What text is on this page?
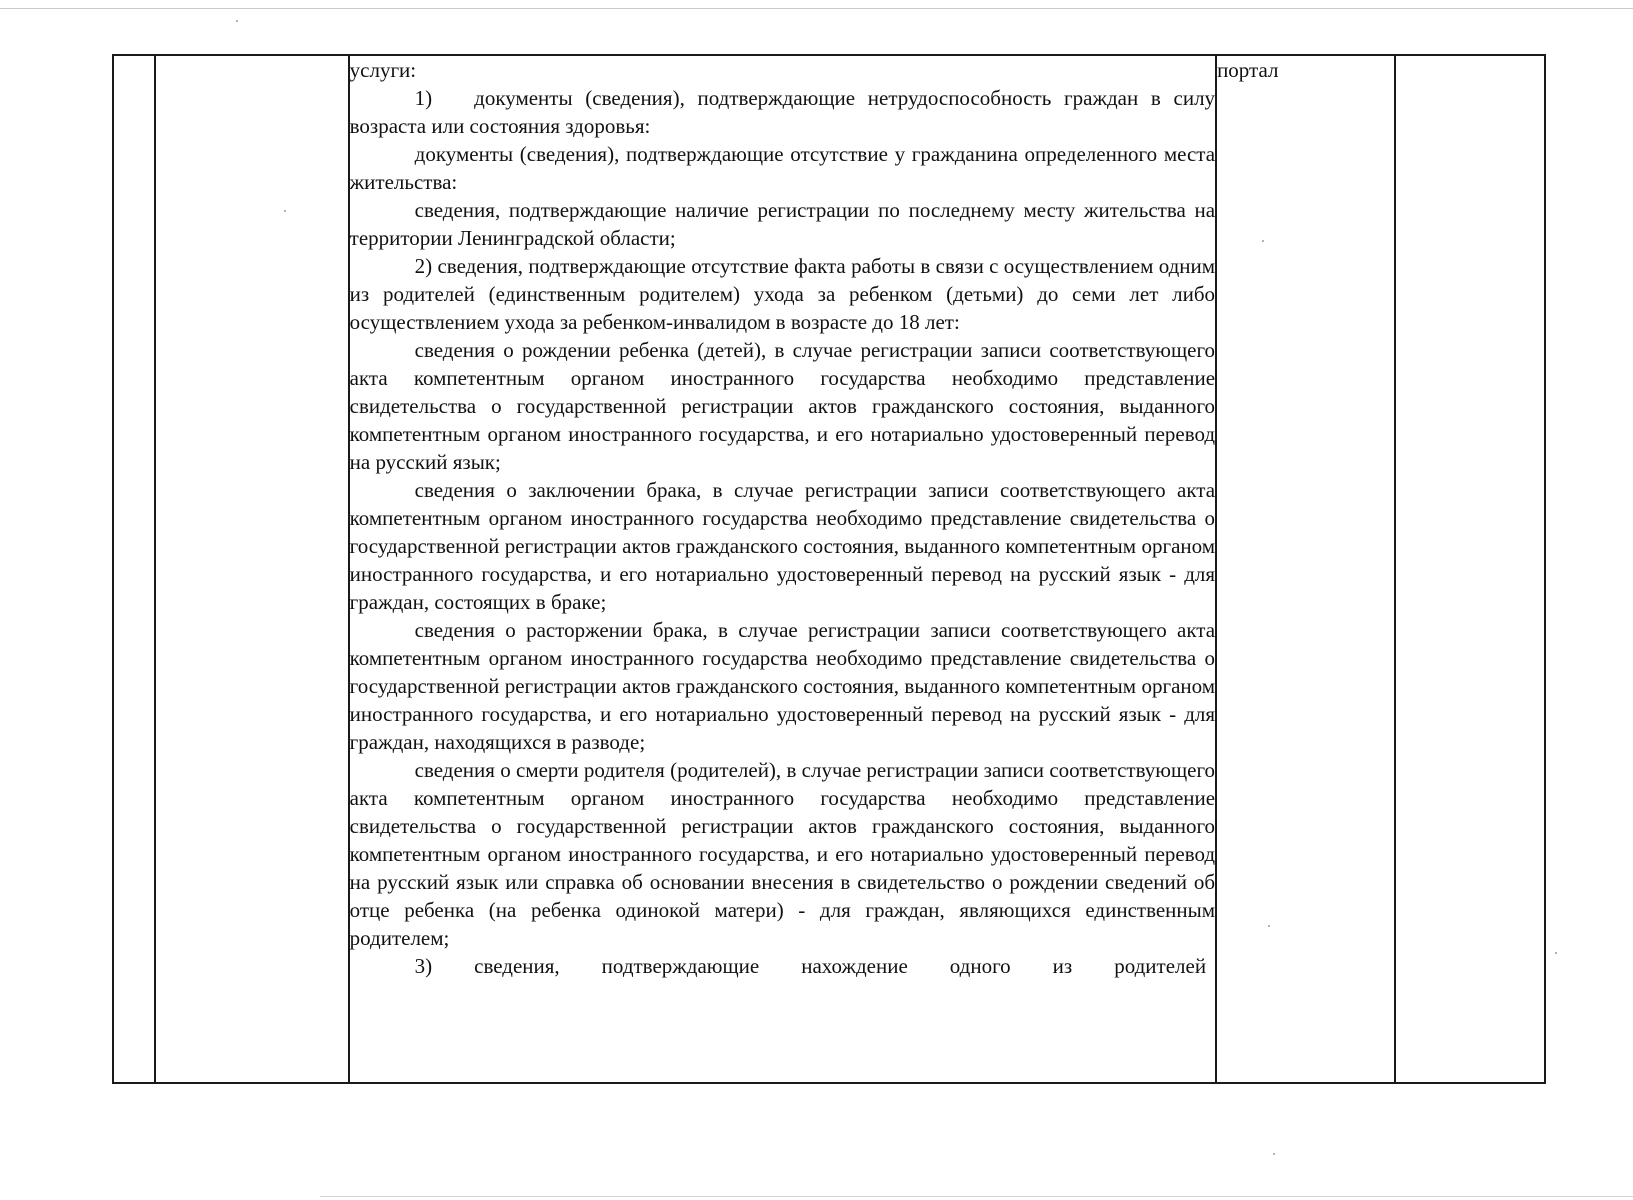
услуги:

1)  документы (сведения), подтверждающие нетрудоспособность граждан в силу возраста или состояния здоровья:

документы (сведения), подтверждающие отсутствие у гражданина определенного места жительства:

сведения, подтверждающие наличие регистрации по последнему месту жительства на территории Ленинградской области;

2) сведения, подтверждающие отсутствие факта работы в связи с осуществлением одним из родителей (единственным родителем) ухода за ребенком (детьми) до семи лет либо осуществлением ухода за ребенком-инвалидом в возрасте до 18 лет:

сведения о рождении ребенка (детей), в случае регистрации записи соответствующего акта компетентным органом иностранного государства необходимо представление свидетельства о государственной регистрации актов гражданского состояния, выданного компетентным органом иностранного государства, и его нотариально удостоверенный перевод на русский язык;

сведения о заключении брака, в случае регистрации записи соответствующего акта компетентным органом иностранного государства необходимо представление свидетельства о государственной регистрации актов гражданского состояния, выданного компетентным органом иностранного государства, и его нотариально удостоверенный перевод на русский язык - для граждан, состоящих в браке;

сведения о расторжении брака, в случае регистрации записи соответствующего акта компетентным органом иностранного государства необходимо представление свидетельства о государственной регистрации актов гражданского состояния, выданного компетентным органом иностранного государства, и его нотариально удостоверенный перевод на русский язык - для граждан, находящихся в разводе;

сведения о смерти родителя (родителей), в случае регистрации записи соответствующего акта компетентным органом иностранного государства необходимо представление свидетельства о государственной регистрации актов гражданского состояния, выданного компетентным органом иностранного государства, и его нотариально удостоверенный перевод на русский язык или справка об основании внесения в свидетельство о рождении сведений об отце ребенка (на ребенка одинокой матери) - для граждан, являющихся единственным родителем;

3)  сведения,  подтверждающие  нахождение  одного  из  родителей

	портал	
